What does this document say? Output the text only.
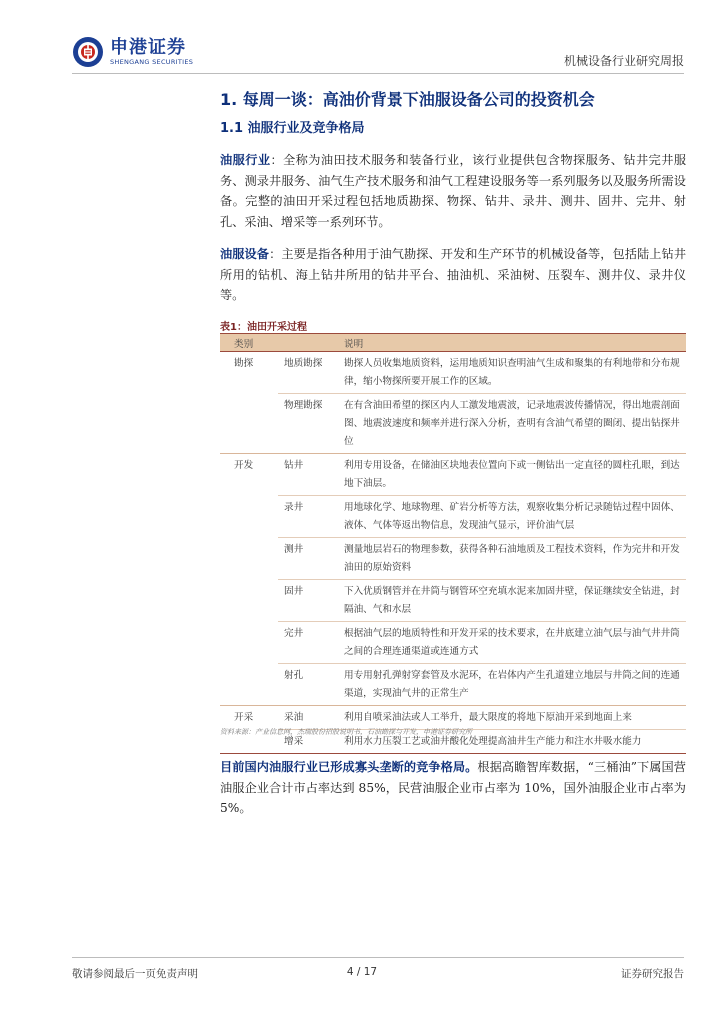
申港证券
SHENGANG SECURITIES	机械设备行业研究周报
1. 每周一谈：高油价背景下油服设备公司的投资机会
1.1 油服行业及竞争格局
油服行业：全称为油田技术服务和装备行业，该行业提供包含物探服务、钻井完井服务、测录井服务、油气生产技术服务和油气工程建设服务等一系列服务以及服务所需设备。完整的油田开采过程包括地质勘探、物探、钻井、录井、测井、固井、完井、射孔、采油、增采等一系列环节。
油服设备：主要是指各种用于油气勘探、开发和生产环节的机械设备等，包括陆上钻井所用的钻机、海上钻井所用的钻井平台、抽油机、采油树、压裂车、测井仪、录井仪等。
表1：油田开采过程
类别		说明
勘探	地质勘探	勘探人员收集地质资料，运用地质知识查明油气生成和聚集的有利地带和分布规律，缩小物探所要开展工作的区域。
	物理勘探	在有含油田希望的探区内人工激发地震波，记录地震波传播情况，得出地震剖面图、地震波速度和频率并进行深入分析，查明有含油气希望的圈闭、提出钻探井位
开发	钻井	利用专用设备，在储油区块地表位置向下或一侧钻出一定直径的圆柱孔眼，到达地下油层。
	录井	用地球化学、地球物理、矿岩分析等方法，观察收集分析记录随钻过程中固体、液体、气体等返出物信息，发现油气显示，评价油气层
	测井	测量地层岩石的物理参数，获得各种石油地质及工程技术资料，作为完井和开发油田的原始资料
	固井	下入优质钢管并在井筒与钢管环空充填水泥来加固井壁，保证继续安全钻进，封隔油、气和水层
	完井	根据油气层的地质特性和开发开采的技术要求，在井底建立油气层与油气井井筒之间的合理连通渠道或连通方式
	射孔	用专用射孔弹射穿套管及水泥环，在岩体内产生孔道建立地层与井筒之间的连通渠道，实现油气井的正常生产
开采	采油	利用自喷采油法或人工举升，最大限度的将地下原油开采到地面上来
	增采	利用水力压裂工艺或油井酸化处理提高油井生产能力和注水井吸水能力
资料来源：产业信息网，杰瑞股份招股说明书，石油勘探与开发，申港证券研究所
目前国内油服行业已形成寡头垄断的竞争格局。根据高瞻智库数据，“三桶油”下属国营油服企业合计市占率达到 85%，民营油服企业市占率为 10%，国外油服企业市占率为 5%。
敬请参阅最后一页免责声明	4 / 17	证券研究报告
